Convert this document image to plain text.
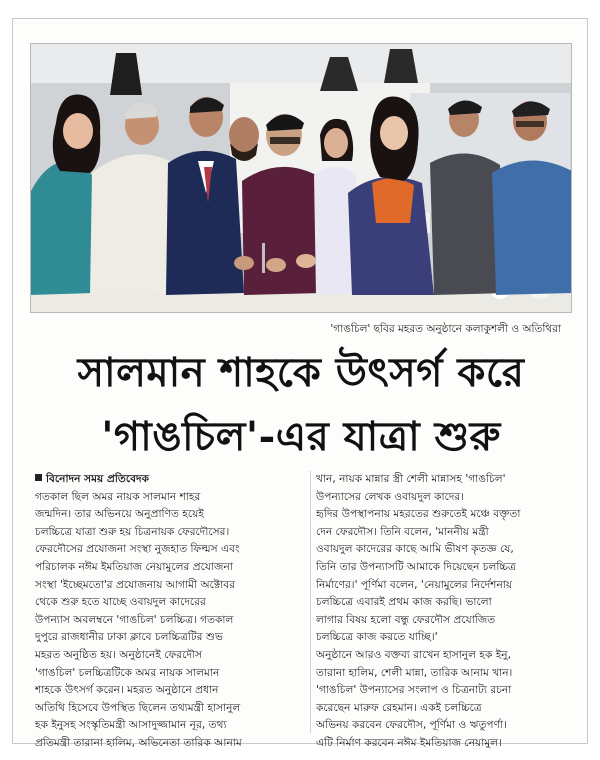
'গাঙচিল' ছবির মহরত অনুষ্ঠানে কলাকুশলী ও অতিথিরা
সালমান শাহকে উৎসর্গ করে
'গাঙচিল'-এর যাত্রা শুরু

বিনোদন সময় প্রতিবেদক

গতকাল ছিল অমর নায়ক সালমান শাহর

জন্মদিন। তার অভিনয়ে অনুপ্রাণিত হয়েই

চলচ্চিত্রে যাত্রা শুরু হয় চিত্রনায়ক ফেরদৌসের।

ফেরদৌসের প্রযোজনা সংস্থা নুজহাত ফিল্মস এবং

পরিচালক নঈম ইমতিয়াজ নেয়ামুলের প্রযোজনা

সংস্থা 'ইচ্ছেমতো'র প্রযোজনায় আগামী অক্টোবর

থেকে শুরু হতে যাচ্ছে ওবায়দুল কাদেরের

উপন্যাস অবলম্বনে 'গাঙচিল' চলচ্চিত্র। গতকাল

দুপুরে রাজধানীর ঢাকা ক্লাবে চলচ্চিত্রটির শুভ

মহরত অনুষ্ঠিত হয়। অনুষ্ঠানেই ফেরদৌস

'গাঙচিল' চলচ্চিত্রটিকে অমর নায়ক সালমান

শাহকে উৎসর্গ করেন। মহরত অনুষ্ঠানে প্রধান

অতিথি হিসেবে উপস্থিত ছিলেন তথ্যমন্ত্রী হাসানুল

হক ইনুসহ সংস্কৃতিমন্ত্রী আসাদুজ্জামান নূর, তথ্য

প্রতিমন্ত্রী তারানা হালিম, অভিনেতা তারিক আনাম

খান, নায়ক মান্নার স্ত্রী শেলী মান্নাসহ 'গাঙচিল'

উপন্যাসের লেখক ওবায়দুল কাদের।

হৃদির উপস্থাপনায় মহরতের শুরুতেই মঞ্চে বক্তৃতা

দেন ফেরদৌস। তিনি বলেন, 'মাননীয় মন্ত্রী

ওবায়দুল কাদেরের কাছে আমি ভীষণ কৃতজ্ঞ যে,

তিনি তার উপন্যাসটি আমাকে দিয়েছেন চলচ্চিত্র

নির্মাণের।' পূর্ণিমা বলেন, 'নেয়ামুলের নির্দেশনায়

চলচ্চিত্রে এবারই প্রথম কাজ করছি। ভালো

লাগার বিষয় হলো বন্ধু ফেরদৌস প্রযোজিত

চলচ্চিত্রে কাজ করতে যাচ্ছি।'

অনুষ্ঠানে আরও বক্তব্য রাখেন হাসানুল হক ইনু,

তারানা হালিম, শেলী মান্না, তারিক আনাম খান।

'গাঙচিল' উপন্যাসের সংলাপ ও চিত্রনাট্য রচনা

করেছেন মারুফ রেহমান। একই চলচ্চিত্রে

অভিনয় করবেন ফেরদৌস, পূর্ণিমা ও ঋতুপর্ণা।

এটি নির্মাণ করবেন নঈম ইমতিয়াজ নেয়ামুল।
